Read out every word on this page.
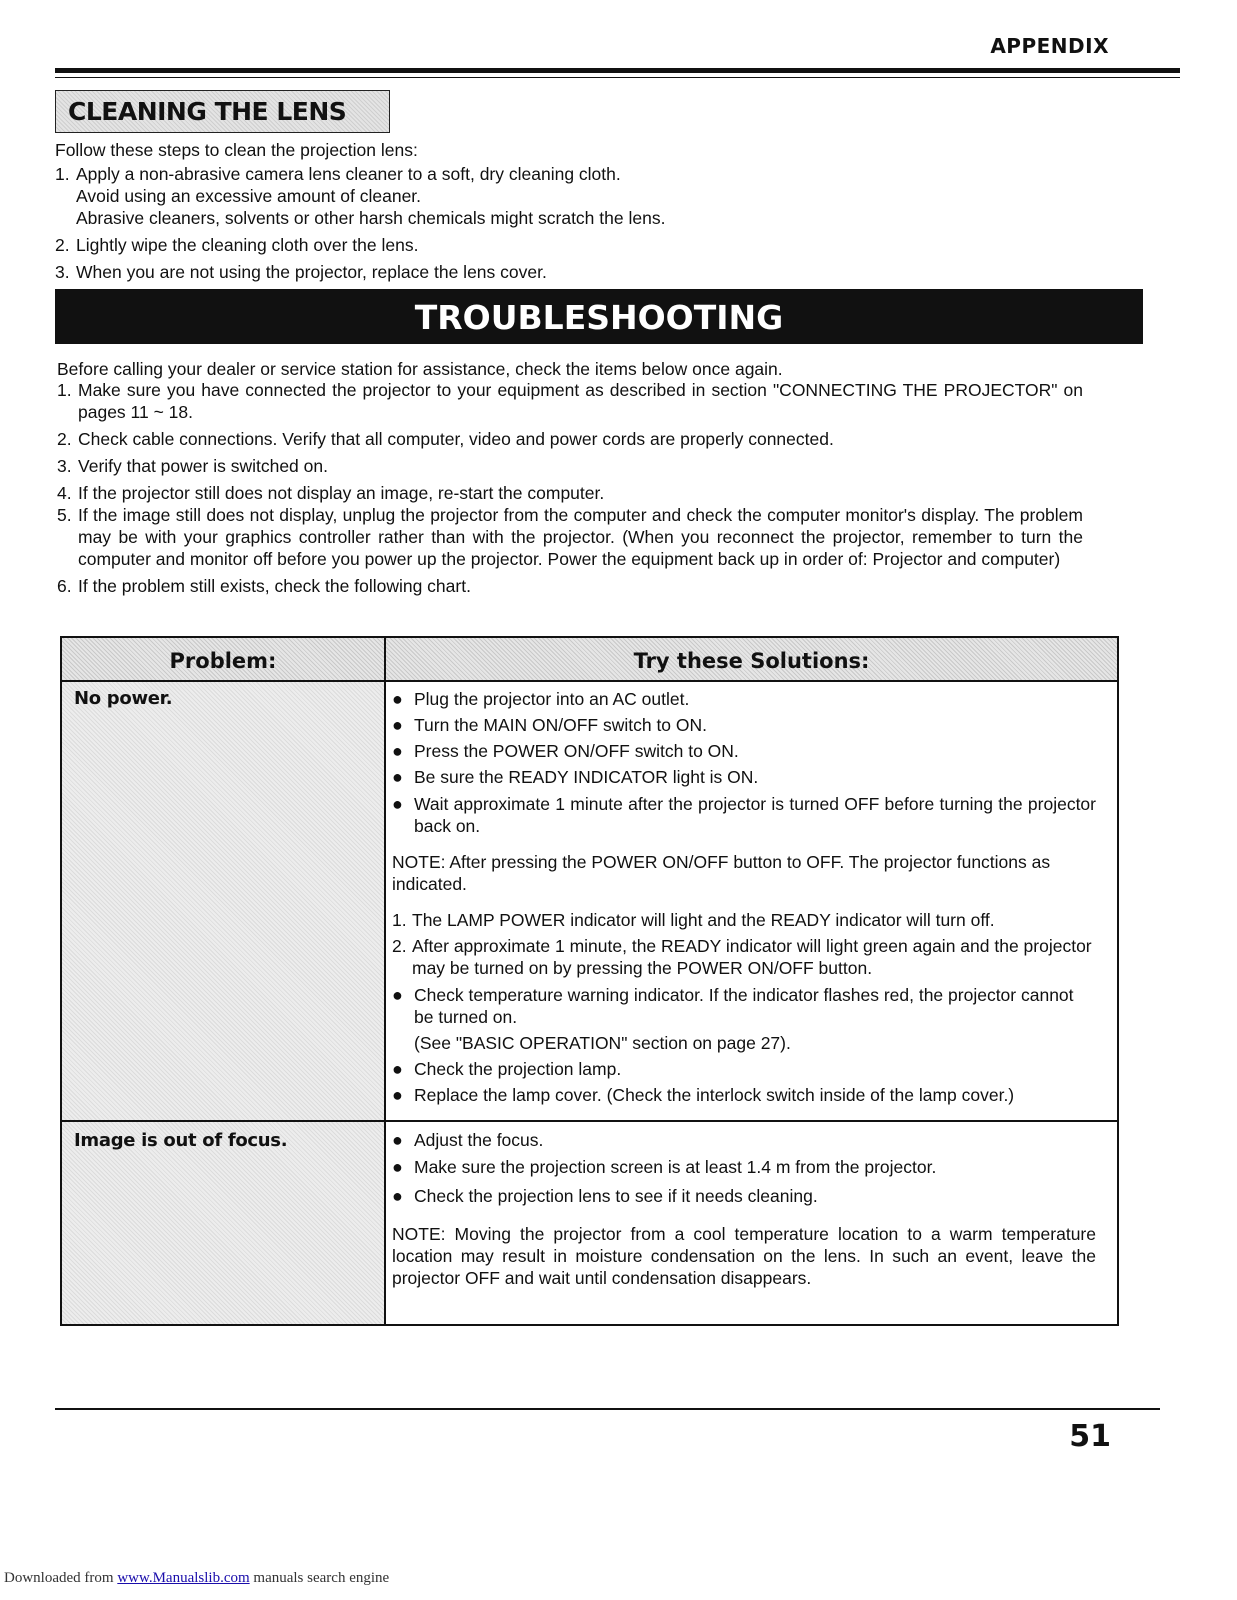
APPENDIX
CLEANING THE LENS

Follow these steps to clean the projection lens:

1. Apply a non-abrasive camera lens cleaner to a soft, dry cleaning cloth.
Avoid using an excessive amount of cleaner.
Abrasive cleaners, solvents or other harsh chemicals might scratch the lens.
2. Lightly wipe the cleaning cloth over the lens.
3. When you are not using the projector, replace the lens cover.
TROUBLESHOOTING

Before calling your dealer or service station for assistance, check the items below once again.

1. Make sure you have connected the projector to your equipment as described in section "CONNECTING THE PROJECTOR" on pages 11 ~ 18.
2. Check cable connections. Verify that all computer, video and power cords are properly connected.
3. Verify that power is switched on.
4. If the projector still does not display an image, re-start the computer.
5. If the image still does not display, unplug the projector from the computer and check the computer monitor's display. The problem may be with your graphics controller rather than with the projector. (When you reconnect the projector, remember to turn the computer and monitor off before you power up the projector. Power the equipment back up in order of: Projector and computer)
6. If the problem still exists, check the following chart.
Problem:	Try these Solutions:
No power.	● Plug the projector into an AC outlet.
● Turn the MAIN ON/OFF switch to ON.
● Press the POWER ON/OFF switch to ON.
● Be sure the READY INDICATOR light is ON.
● Wait approximate 1 minute after the projector is turned OFF before turning the projector back on.
NOTE: After pressing the POWER ON/OFF button to OFF. The projector functions as indicated.
1. The LAMP POWER indicator will light and the READY indicator will turn off.
2. After approximate 1 minute, the READY indicator will light green again and the projector may be turned on by pressing the POWER ON/OFF button.
● Check temperature warning indicator. If the indicator flashes red, the projector cannot be turned on.
(See "BASIC OPERATION" section on page 27).
● Check the projection lamp.
● Replace the lamp cover. (Check the interlock switch inside of the lamp cover.)
Image is out of focus.	● Adjust the focus.
● Make sure the projection screen is at least 1.4 m from the projector.
● Check the projection lens to see if it needs cleaning.
NOTE: Moving the projector from a cool temperature location to a warm temperature location may result in moisture condensation on the lens. In such an event, leave the projector OFF and wait until condensation disappears.
51
Downloaded from www.Manualslib.com manuals search engine
